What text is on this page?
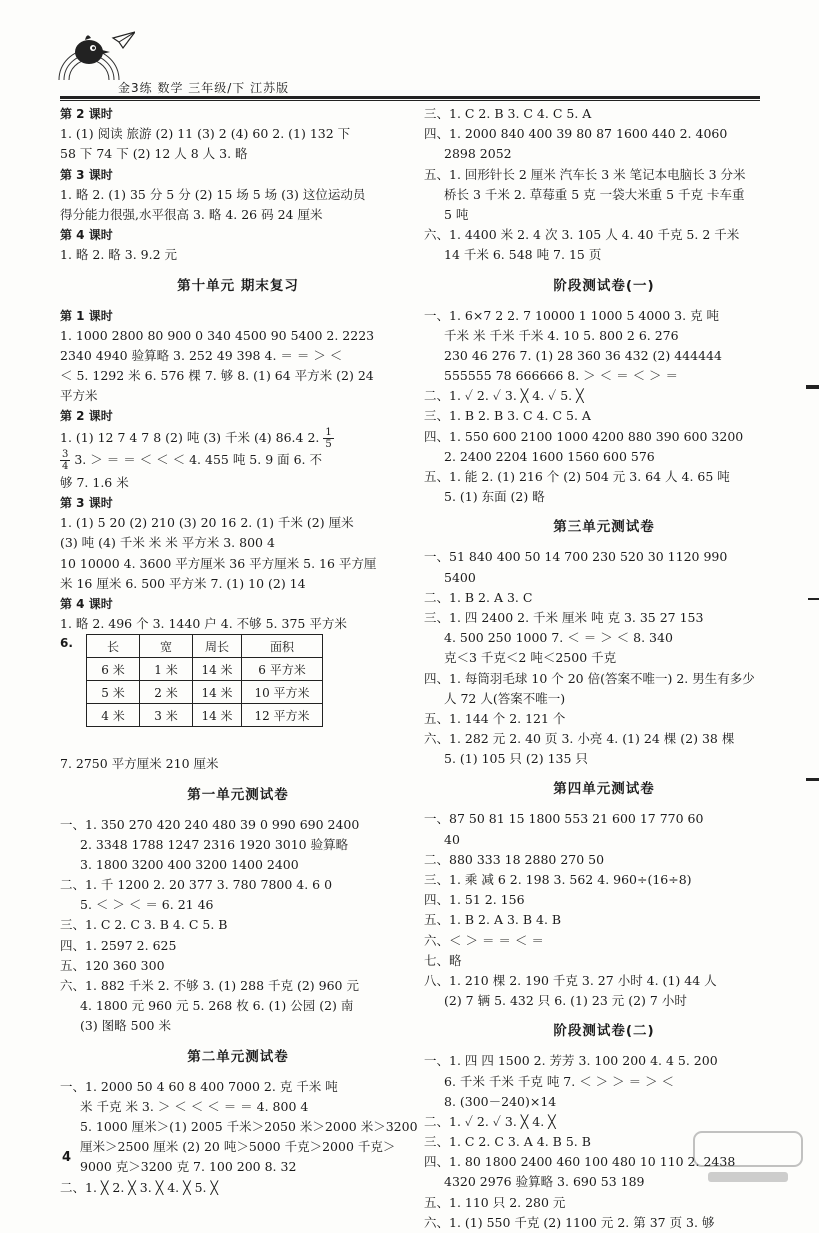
金3练 数学 三年级/下 江苏版
第 2 课时
1. (1) 阅读 旅游 (2) 11 (3) 2 (4) 60 2. (1) 132 下
58 下 74 下 (2) 12 人 8 人 3. 略
第 3 课时
1. 略 2. (1) 35 分 5 分 (2) 15 场 5 场 (3) 这位运动员
得分能力很强,水平很高 3. 略 4. 26 码 24 厘米
第 4 课时
1. 略 2. 略 3. 9.2 元
第十单元 期末复习
第 1 课时
1. 1000 2800 80 900 0 340 4500 90 5400 2. 2223
2340 4940 验算略 3. 252 49 398 4. ＝ ＝ ＞ ＜
＜ 5. 1292 米 6. 576 棵 7. 够 8. (1) 64 平方米 (2) 24
平方米
第 2 课时
1. (1) 12 7 4 7 8 (2) 吨 (3) 千米 (4) 86.4 2. $\frac{1}{5}$
$\frac{3}{4} 3$. ＞ ＝ ＝ ＜ ＜ ＜ 4. 455 吨 5. 9 面 6. 不
够 7. 1.6 米
第 3 课时
1. (1) 5 20 (2) 210 (3) 20 16 2. (1) 千米 (2) 厘米
(3) 吨 (4) 千米 米 米 平方米 3. 800 4
10 10000 4. 3600 平方厘米 36 平方厘米 5. 16 平方厘
米 16 厘米 6. 500 平方米 7. (1) 10 (2) 14
第 4 课时
1. 略 2. 496 个 3. 1440 户 4. 不够 5. 375 平方米
6.	长	宽	周长	面积
6 米	1 米	14 米	6 平方米
5 米	2 米	14 米	10 平方米
4 米	3 米	14 米	12 平方米
7. 2750 平方厘米 210 厘米
第一单元测试卷
一、1. 350 270 420 240 480 39 0 990 690 2400
2. 3348 1788 1247 2316 1920 3010 验算略
3. 1800 3200 400 3200 1400 2400
二、1. 千 1200 2. 20 377 3. 780 7800 4. 6 0
5. ＜ ＞ ＜ ＝ 6. 21 46
三、1. C 2. C 3. B 4. C 5. B
四、1. 2597 2. 625
五、120 360 300
六、1. 882 千米 2. 不够 3. (1) 288 千克 (2) 960 元
4. 1800 元 960 元 5. 268 枚 6. (1) 公园 (2) 南
(3) 图略 500 米
第二单元测试卷
一、1. 2000 50 4 60 8 400 7000 2. 克 千米 吨
米 千克 米 3. ＞ ＜ ＜ ＜ ＝ ＝ 4. 800 4
5. 1000 厘米＞(1) 2005 千米＞2050 米＞2000 米＞3200
厘米＞2500 厘米 (2) 20 吨＞5000 千克＞2000 千克＞
9000 克＞3200 克 7. 100 200 8. 32
二、1. ╳ 2. ╳ 3. ╳ 4. ╳ 5. ╳
三、1. C 2. B 3. C 4. C 5. A
四、1. 2000 840 400 39 80 87 1600 440 2. 4060
2898 2052
五、1. 回形针长 2 厘米 汽车长 3 米 笔记本电脑长 3 分米
桥长 3 千米 2. 草莓重 5 克 一袋大米重 5 千克 卡车重
5 吨
六、1. 4400 米 2. 4 次 3. 105 人 4. 40 千克 5. 2 千米
14 千米 6. 548 吨 7. 15 页
阶段测试卷(一)
一、1. 6×7 2 2. 7 10000 1 1000 5 4000 3. 克 吨
千米 米 千米 千米 4. 10 5. 800 2 6. 276
230 46 276 7. (1) 28 360 36 432 (2) 444444
555555 78 666666 8. ＞ ＜ ＝ ＜ ＞ ＝
二、1. ✓ 2. ✓ 3. ╳ 4. ✓ 5. ╳
三、1. B 2. B 3. C 4. C 5. A
四、1. 550 600 2100 1000 4200 880 390 600 3200
2. 2400 2204 1600 1560 600 576
五、1. 能 2. (1) 216 个 (2) 504 元 3. 64 人 4. 65 吨
5. (1) 东面 (2) 略
第三单元测试卷
一、51 840 400 50 14 700 230 520 30 1120 990
5400
二、1. B 2. A 3. C
三、1. 四 2400 2. 千米 厘米 吨 克 3. 35 27 153
4. 500 250 1000 7. ＜ ＝ ＞ ＜ 8. 340
克＜3 千克＜2 吨＜2500 千克
四、1. 每筒羽毛球 10 个 20 倍(答案不唯一) 2. 男生有多少
人 72 人(答案不唯一)
五、1. 144 个 2. 121 个
六、1. 282 元 2. 40 页 3. 小亮 4. (1) 24 棵 (2) 38 棵
5. (1) 105 只 (2) 135 只
第四单元测试卷
一、87 50 81 15 1800 553 21 600 17 770 60
40
二、880 333 18 2880 270 50
三、1. 乘 减 6 2. 198 3. 562 4. 960÷(16÷8)
四、1. 51 2. 156
五、1. B 2. A 3. B 4. B
六、＜ ＞ ＝ ＝ ＜ ＝
七、略
八、1. 210 棵 2. 190 千克 3. 27 小时 4. (1) 44 人
(2) 7 辆 5. 432 只 6. (1) 23 元 (2) 7 小时
阶段测试卷(二)
一、1. 四 四 1500 2. 芳芳 3. 100 200 4. 4 5. 200
6. 千米 千米 千克 吨 7. ＜ ＞ ＞ ＝ ＞ ＜
8. (300－240)×14
二、1. ✓ 2. ✓ 3. ╳ 4. ╳
三、1. C 2. C 3. A 4. B 5. B
四、1. 80 1800 2400 460 100 480 10 110 2. 2438
4320 2976 验算略 3. 690 53 189
五、1. 110 只 2. 280 元
六、1. (1) 550 千克 (2) 1100 元 2. 第 37 页 3. 够
4
